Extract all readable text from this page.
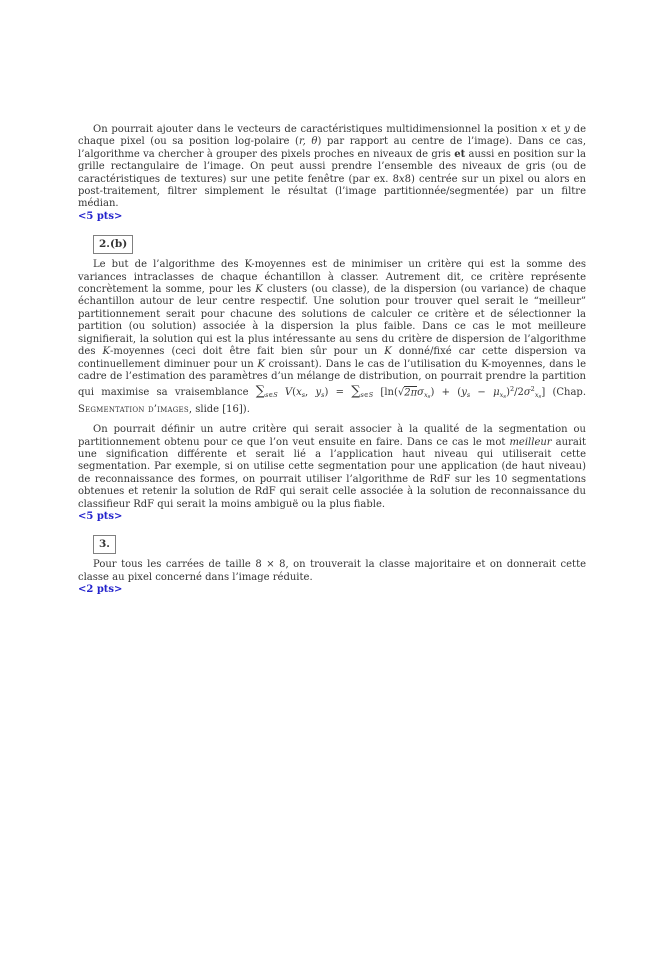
On pourrait ajouter dans le vecteurs de caractéristiques multidimensionnel la position x et y de chaque pixel (ou sa position log-polaire (r, θ) par rapport au centre de l’image). Dans ce cas, l’algorithme va chercher à grouper des pixels proches en niveaux de gris et aussi en position sur la grille rectangulaire de l’image. On peut aussi prendre l’ensemble des niveaux de gris (ou de caractéristiques de textures) sur une petite fenêtre (par ex. 8x8) centrée sur un pixel ou alors en post-traitement, filtrer simplement le résultat (l’image partitionnée/segmentée) par un filtre médian.

<5 pts>
2.(b)

Le but de l’algorithme des K-moyennes est de minimiser un critère qui est la somme des variances intraclasses de chaque échantillon à classer. Autrement dit, ce critère représente concrètement la somme, pour les K clusters (ou classe), de la dispersion (ou variance) de chaque échantillon autour de leur centre respectif. Une solution pour trouver quel serait le “meilleur” partitionnement serait pour chacune des solutions de calculer ce critère et de sélectionner la partition (ou solution) associée à la dispersion la plus faible. Dans ce cas le mot meilleure signifierait, la solution qui est la plus intéressante au sens du critère de dispersion de l’algorithme des K-moyennes (ceci doit être fait bien sûr pour un K donné/fixé car cette dispersion va continuellement diminuer pour un K croissant). Dans le cas de l’utilisation du K-moyennes, dans le cadre de l’estimation des paramètres d’un mélange de distribution, on pourrait prendre la partition qui maximise sa vraisemblance $\sum_{s\in S}$ $V(x_s$, $y_s) = \sum_{s\in S}$ $[\ln(√2\pi\sigma_{xs}) + (y_s - \mu_{xs})^2/2\sigma^2_{xs}]$ (Chap. Segmentation d’images, slide [16]).

On pourrait définir un autre critère qui serait associer à la qualité de la segmentation ou partitionnement obtenu pour ce que l’on veut ensuite en faire. Dans ce cas le mot meilleur aurait une signification différente et serait lié a l’application haut niveau qui utiliserait cette segmentation. Par exemple, si on utilise cette segmentation pour une application (de haut niveau) de reconnaissance des formes, on pourrait utiliser l’algorithme de RdF sur les 10 segmentations obtenues et retenir la solution de RdF qui serait celle associée à la solution de reconnaissance du classifieur RdF qui serait la moins ambiguë ou la plus fiable.

<5 pts>
3.

Pour tous les carrées de taille 8 × 8, on trouverait la classe majoritaire et on donnerait cette classe au pixel concerné dans l’image réduite.

<2 pts>
